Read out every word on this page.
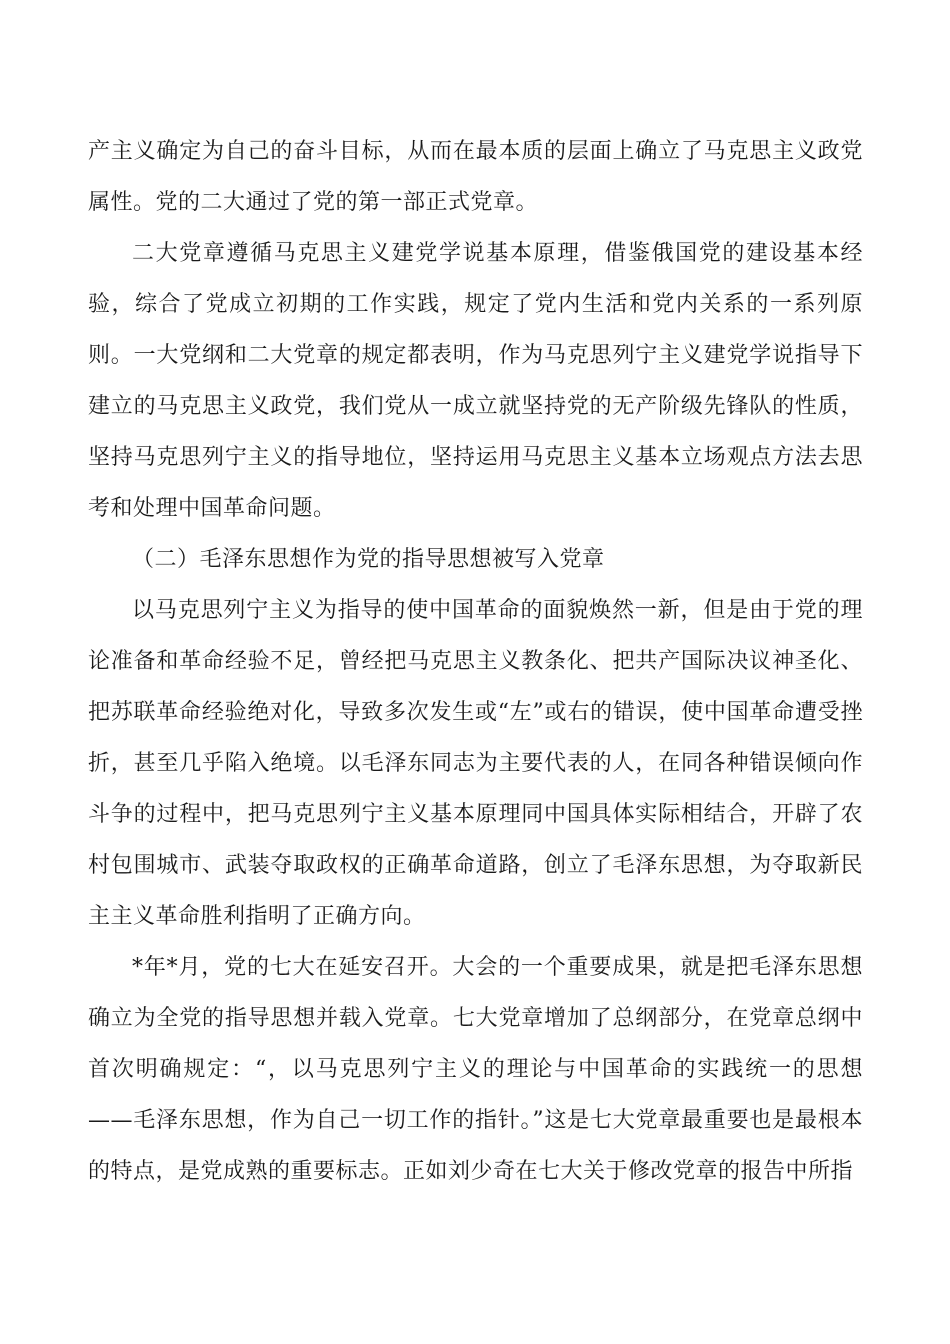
产主义确定为自己的奋斗目标，从而在最本质的层面上确立了马克思主义政党属性。党的二大通过了党的第一部正式党章。

二大党章遵循马克思主义建党学说基本原理，借鉴俄国党的建设基本经验，综合了党成立初期的工作实践，规定了党内生活和党内关系的一系列原则。一大党纲和二大党章的规定都表明，作为马克思列宁主义建党学说指导下建立的马克思主义政党，我们党从一成立就坚持党的无产阶级先锋队的性质，坚持马克思列宁主义的指导地位，坚持运用马克思主义基本立场观点方法去思考和处理中国革命问题。

（二）毛泽东思想作为党的指导思想被写入党章

以马克思列宁主义为指导的使中国革命的面貌焕然一新，但是由于党的理论准备和革命经验不足，曾经把马克思主义教条化、把共产国际决议神圣化、把苏联革命经验绝对化，导致多次发生或“左”或右的错误，使中国革命遭受挫折，甚至几乎陷入绝境。以毛泽东同志为主要代表的人，在同各种错误倾向作斗争的过程中，把马克思列宁主义基本原理同中国具体实际相结合，开辟了农村包围城市、武装夺取政权的正确革命道路，创立了毛泽东思想，为夺取新民主主义革命胜利指明了正确方向。

*年*月，党的七大在延安召开。大会的一个重要成果，就是把毛泽东思想确立为全党的指导思想并载入党章。七大党章增加了总纲部分，在党章总纲中首次明确规定：“，以马克思列宁主义的理论与中国革命的实践统一的思想——毛泽东思想，作为自己一切工作的指针。”这是七大党章最重要也是最根本的特点，是党成熟的重要标志。正如刘少奇在七大关于修改党章的报告中所指
